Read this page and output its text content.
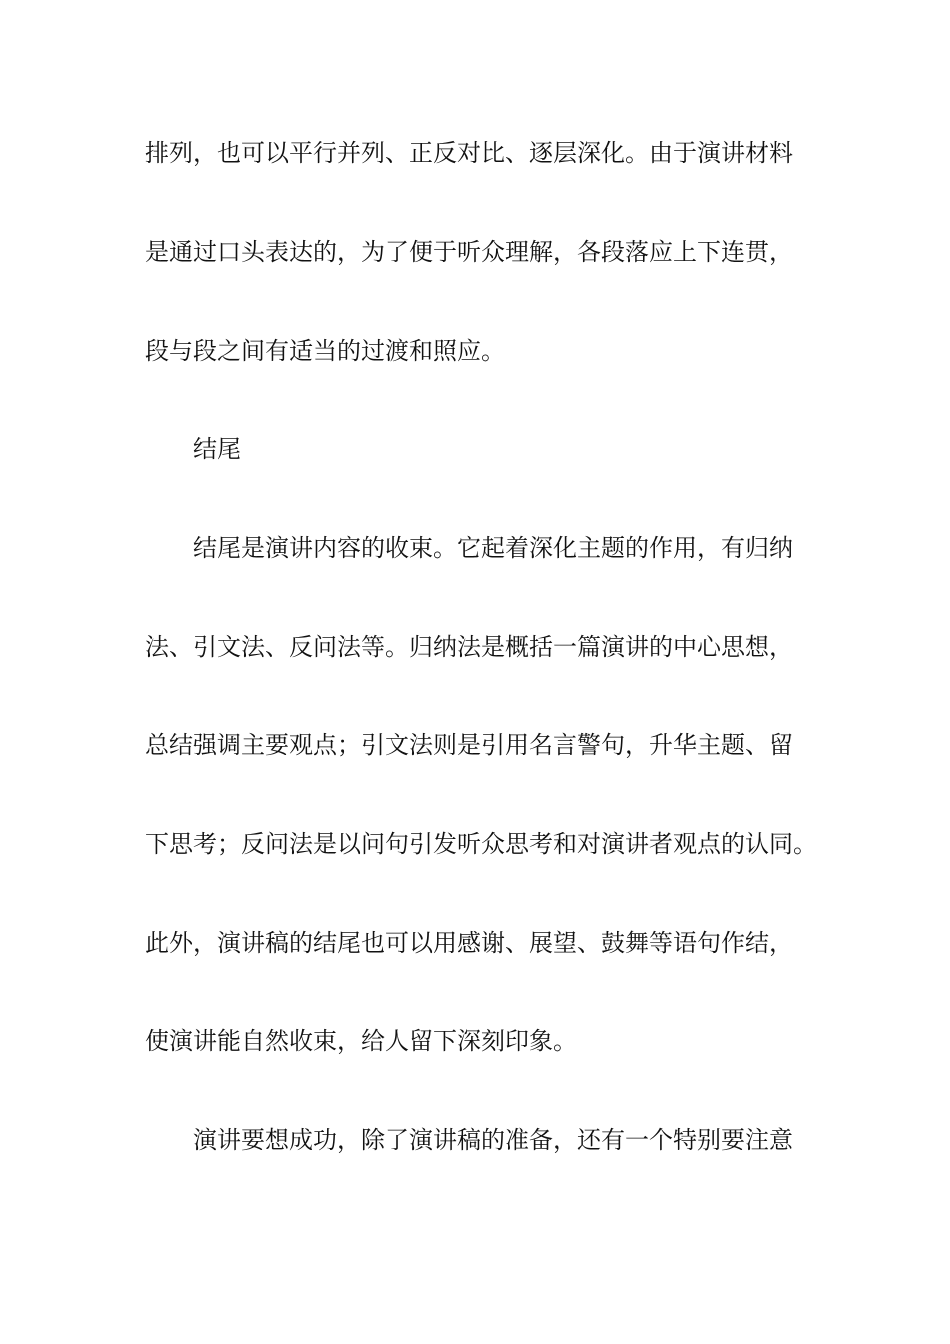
排列，也可以平行并列、正反对比、逐层深化。由于演讲材料
是通过口头表达的，为了便于听众理解，各段落应上下连贯，
段与段之间有适当的过渡和照应。
结尾
结尾是演讲内容的收束。它起着深化主题的作用，有归纳
法、引文法、反问法等。归纳法是概括一篇演讲的中心思想，
总结强调主要观点；引文法则是引用名言警句，升华主题、留
下思考；反问法是以问句引发听众思考和对演讲者观点的认同。
此外，演讲稿的结尾也可以用感谢、展望、鼓舞等语句作结，
使演讲能自然收束，给人留下深刻印象。
演讲要想成功，除了演讲稿的准备，还有一个特别要注意
